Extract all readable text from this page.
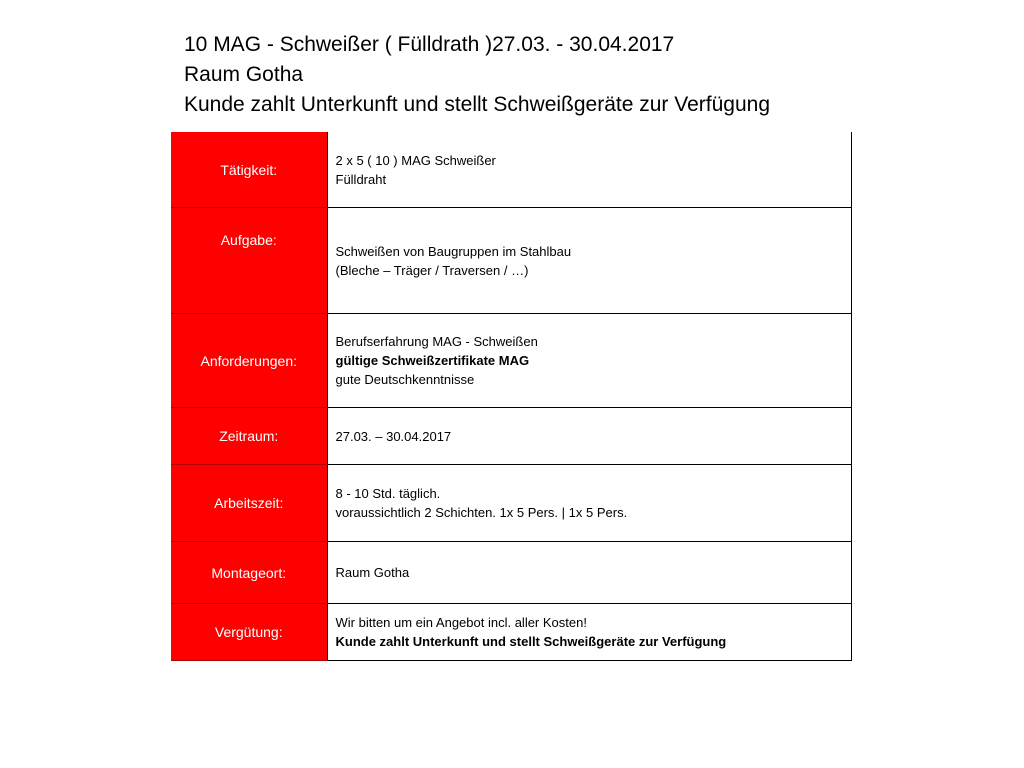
10 MAG - Schweißer ( Fülldrath )27.03. - 30.04.2017
Raum Gotha
Kunde zahlt Unterkunft und stellt Schweißgeräte zur Verfügung
Tätigkeit:	2 x 5 ( 10 ) MAG Schweißer
Fülldraht

Aufgabe:	Schweißen von Baugruppen im Stahlbau
(Bleche – Träger / Traversen / …)

Anforderungen:	Berufserfahrung MAG - Schweißen
gültige Schweißzertifikate MAG
gute Deutschkenntnisse

Zeitraum:	27.03. – 30.04.2017

Arbeitszeit:	8 - 10 Std. täglich.
voraussichtlich 2 Schichten. 1x 5 Pers. | 1x 5 Pers.

Montageort:	Raum Gotha

Vergütung:	Wir bitten um ein Angebot incl. aller Kosten!
Kunde zahlt Unterkunft und stellt Schweißgeräte zur Verfügung
